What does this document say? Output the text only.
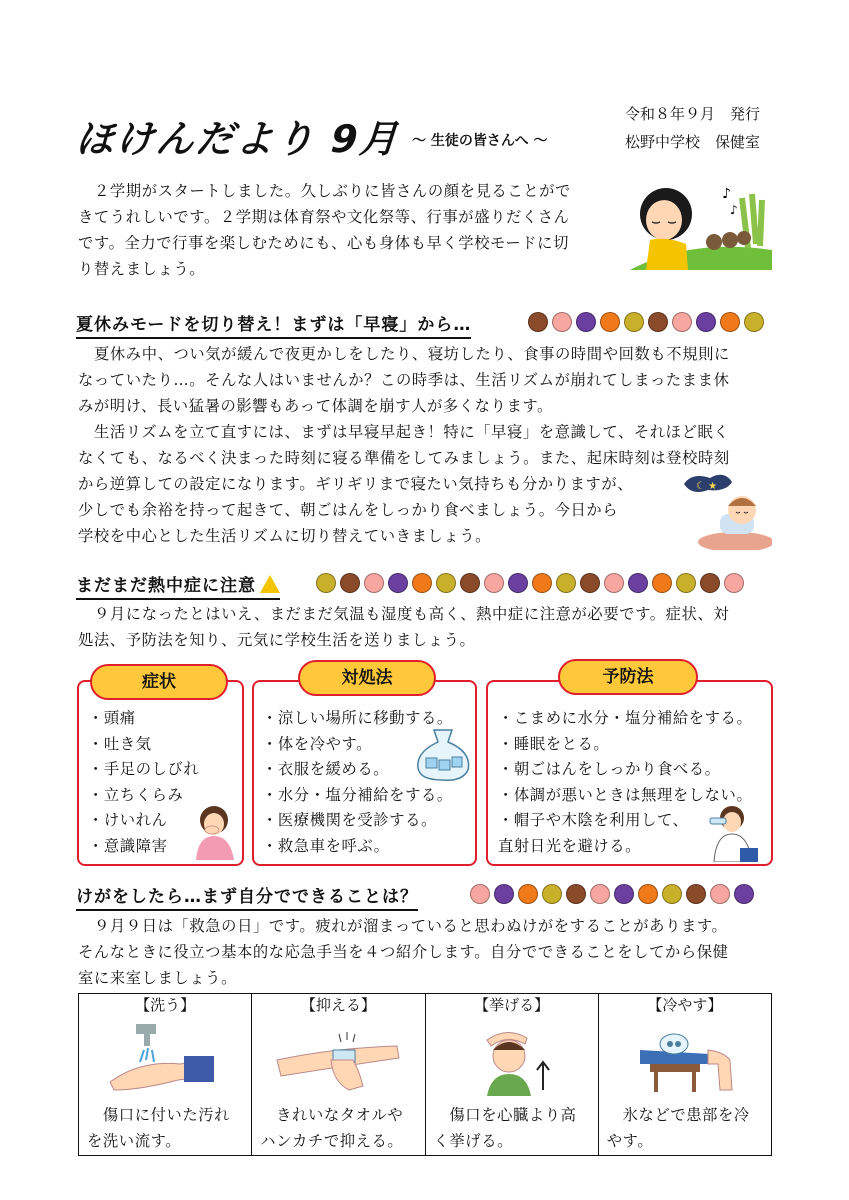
ほけんだより 9月 ～ 生徒の皆さんへ ～
令和８年９月　発行
松野中学校　保健室
２学期がスタートしました。久しぶりに皆さんの顔を見ることがで
きてうれしいです。２学期は体育祭や文化祭等、行事が盛りだくさん
です。全力で行事を楽しむためにも、心も身体も早く学校モードに切
り替えましょう。
♪
♪
夏休みモードを切り替え！まずは「早寝」から…
夏休み中、つい気が緩んで夜更かしをしたり、寝坊したり、食事の時間や回数も不規則に
なっていたり…。そんな人はいませんか？この時季は、生活リズムが崩れてしまったまま休
みが明け、長い猛暑の影響もあって体調を崩す人が多くなります。
生活リズムを立て直すには、まずは早寝早起き！特に「早寝」を意識して、それほど眠く
なくても、なるべく決まった時刻に寝る準備をしてみましょう。また、起床時刻は登校時刻
から逆算しての設定になります。ギリギリまで寝たい気持ちも分かりますが、
少しでも余裕を持って起きて、朝ごはんをしっかり食べましょう。今日から
学校を中心とした生活リズムに切り替えていきましょう。
☾ ★
まだまだ熱中症に注意
９月になったとはいえ、まだまだ気温も湿度も高く、熱中症に注意が必要です。症状、対
処法、予防法を知り、元気に学校生活を送りましょう。
症状
・頭痛
・吐き気
・手足のしびれ
・立ちくらみ
・けいれん
・意識障害
対処法
・涼しい場所に移動する。
・体を冷やす。
・衣服を緩める。
・水分・塩分補給をする。
・医療機関を受診する。
・救急車を呼ぶ。
予防法
・こまめに水分・塩分補給をする。
・睡眠をとる。
・朝ごはんをしっかり食べる。
・体調が悪いときは無理をしない。
・帽子や木陰を利用して、
直射日光を避ける。
けがをしたら…まず自分でできることは？
９月９日は「救急の日」です。疲れが溜まっていると思わぬけがをすることがあります。
そんなときに役立つ基本的な応急手当を４つ紹介します。自分でできることをしてから保健
室に来室しましょう。
【洗う】
　傷口に付いた汚れ
を洗い流す。

【抑える】
　きれいなタオルや
ハンカチで抑える。

【挙げる】
　傷口を心臓より高
く挙げる。

【冷やす】
　氷などで患部を冷
やす。
